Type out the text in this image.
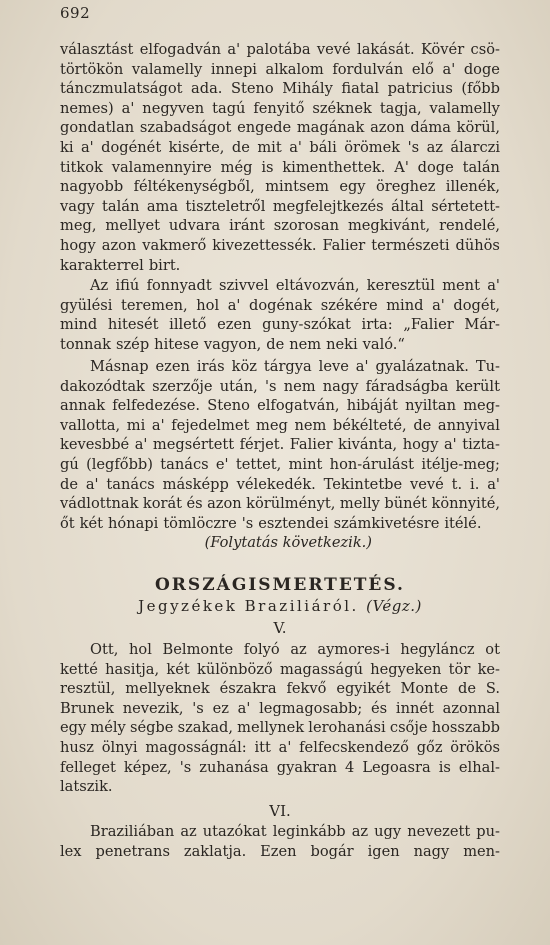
692
választást elfogadván a' palotába vevé lakását. Kövér csö-
törtökön valamelly innepi alkalom fordulván elő a' doge
tánczmulatságot ada. Steno Mihály fiatal patricius (főbb
nemes) a' negyven tagú fenyitő széknek tagja, valamelly
gondatlan szabadságot engede magának azon dáma körül,
ki a' dogénét kisérte, de mit a' báli örömek 's az álarczi
titkok valamennyire még is kimenthettek. A' doge talán
nagyobb féltékenységből, mintsem egy öreghez illenék,
vagy talán ama tiszteletről megfelejtkezés által sértetett-
meg, mellyet udvara iránt szorosan megkivánt, rendelé,
hogy azon vakmerő kivezettessék. Falier természeti dühös
karakterrel birt.
Az ifiú fonnyadt szivvel eltávozván, keresztül ment a'
gyülési teremen, hol a' dogénak székére mind a' dogét,
mind hitesét illető ezen guny-szókat irta: „Falier Már-
tonnak szép hitese vagyon, de nem neki való.“
Másnap ezen irás köz tárgya leve a' gyalázatnak. Tu-
dakozódtak szerzője után, 's nem nagy fáradságba került
annak felfedezése. Steno elfogatván, hibáját nyiltan meg-
vallotta, mi a' fejedelmet meg nem békélteté, de annyival
kevesbbé a' megsértett férjet. Falier kivánta, hogy a' tizta-
gú (legfőbb) tanács e' tettet, mint hon-árulást itélje-meg;
de a' tanács másképp vélekedék. Tekintetbe vevé t. i. a'
vádlottnak korát és azon körülményt, melly bünét könnyité,
őt két hónapi tömlöczre 's esztendei számkivetésre itélé.
(Folytatás következik.)
ORSZÁGISMERTETÉS.
Jegyzékek Braziliáról. (Végz.)
V.
Ott, hol Belmonte folyó az aymores-i hegyláncz ot
ketté hasitja, két különböző magasságú hegyeken tör ke-
resztül, mellyeknek északra fekvő egyikét Monte de S.
Brunek nevezik, 's ez a' legmagosabb; és innét azonnal
egy mély ségbe szakad, mellynek lerohanási csője hosszabb
husz ölnyi magosságnál: itt a' felfecskendező gőz örökös
felleget képez, 's zuhanása gyakran 4 Legoasra is elhal-
latszik.
VI.
Braziliában az utazókat leginkább az ugy nevezett pu-
lex penetrans zaklatja. Ezen bogár igen nagy men-
